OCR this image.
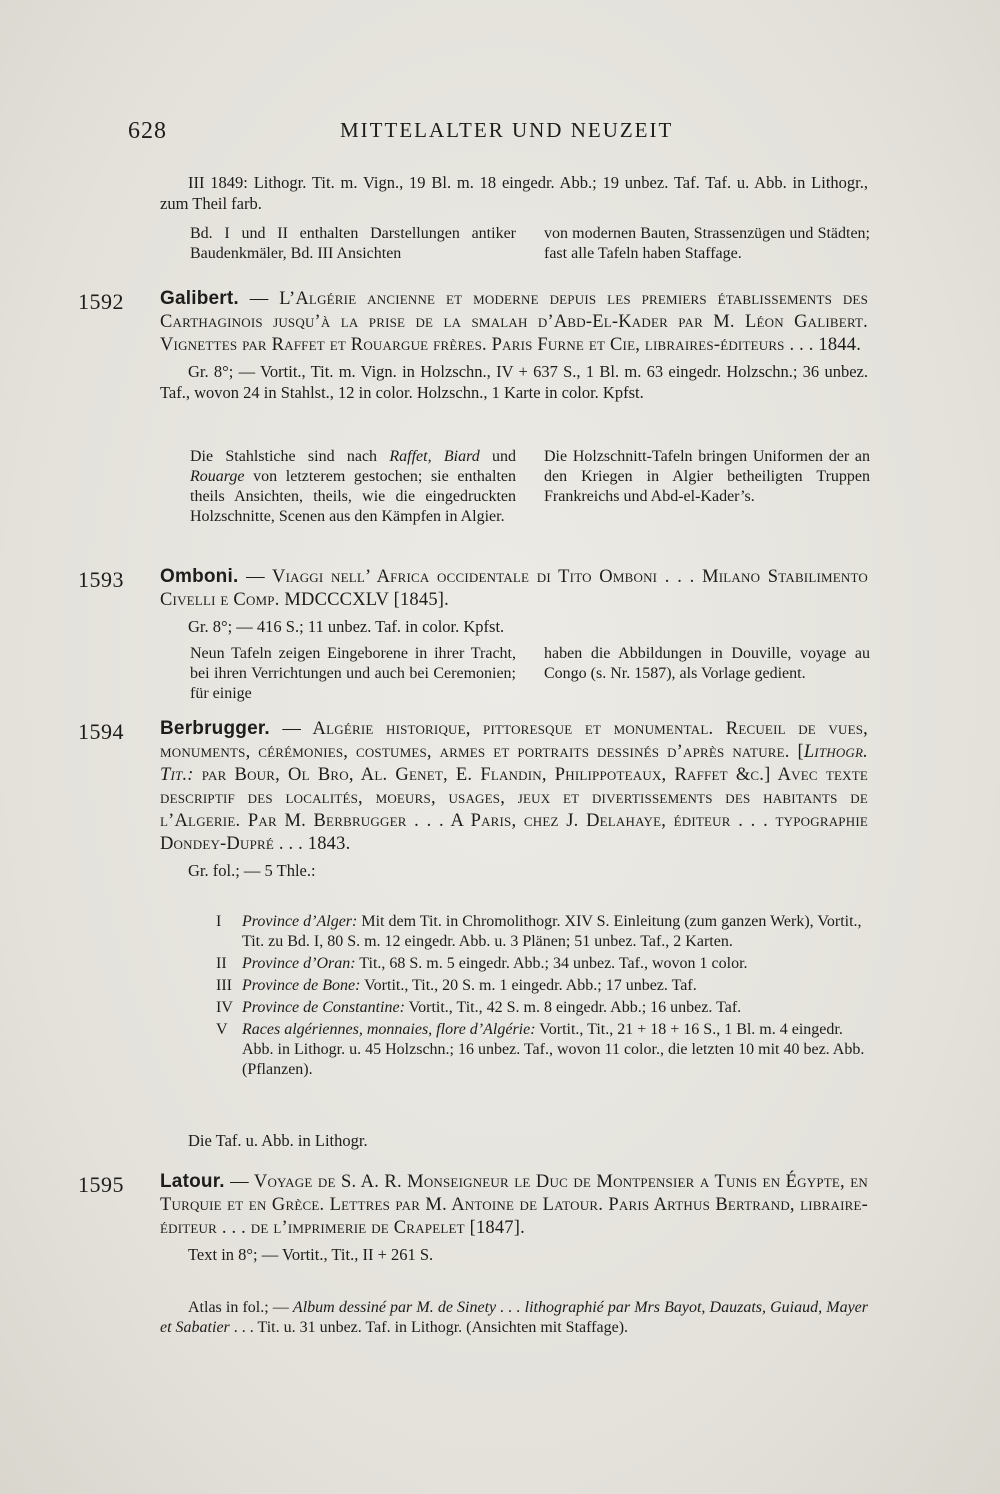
628	MITTELALTER UND NEUZEIT

III 1849: Lithogr. Tit. m. Vign., 19 Bl. m. 18 eingedr. Abb.; 19 unbez. Taf. Taf. u. Abb. in Lithogr., zum Theil farb.

Bd. I und II enthalten Darstellungen antiker Baudenkmäler, Bd. III Ansichten
von modernen Bauten, Strassenzügen und Städten; fast alle Tafeln haben Staffage.
1592 Galibert. — L’Algérie ancienne et moderne depuis les premiers établissements des Carthaginois jusqu’à la prise de la smalah d’Abd-El-Kader par M. Léon Galibert. Vignettes par Raffet et Rouargue frères. Paris Furne et Cie, libraires-éditeurs . . . 1844.
Gr. 8°; — Vortit., Tit. m. Vign. in Holzschn., IV + 637 S., 1 Bl. m. 63 eingedr. Holzschn.; 36 unbez. Taf., wovon 24 in Stahlst., 12 in color. Holzschn., 1 Karte in color. Kpfst.
Die Stahlstiche sind nach Raffet, Biard und Rouarge von letzterem gestochen; sie enthalten theils Ansichten, theils, wie die eingedruckten Holzschnitte, Scenen aus den Kämpfen in Algier.
Die Holzschnitt-Tafeln bringen Uniformen der an den Kriegen in Algier betheiligten Truppen Frankreichs und Abd-el-Kader’s.
1593 Omboni. — Viaggi nell’ Africa occidentale di Tito Omboni . . . Milano Stabilimento Civelli e Comp. MDCCCXLV [1845].
Gr. 8°; — 416 S.; 11 unbez. Taf. in color. Kpfst.
Neun Tafeln zeigen Eingeborene in ihrer Tracht, bei ihren Verrichtungen und auch bei Ceremonien; für einige
haben die Abbildungen in Douville, voyage au Congo (s. Nr. 1587), als Vorlage gedient.
1594 Berbrugger. — Algérie historique, pittoresque et monumental. Recueil de vues, monuments, cérémonies, costumes, armes et portraits dessinés d’après nature. [Lithogr. Tit.: par Bour, Ol Bro, Al. Genet, E. Flandin, Philippoteaux, Raffet &c.] Avec texte descriptif des localités, moeurs, usages, jeux et divertissements des habitants de l’Algerie. Par M. Berbrugger . . . A Paris, chez J. Delahaye, éditeur . . . typographie Dondey-Dupré . . . 1843.
Gr. fol.; — 5 Thle.:
I Province d’Alger: Mit dem Tit. in Chromolithogr. XIV S. Einleitung (zum ganzen Werk), Vortit., Tit. zu Bd. I, 80 S. m. 12 eingedr. Abb. u. 3 Plänen; 51 unbez. Taf., 2 Karten.
II Province d’Oran: Tit., 68 S. m. 5 eingedr. Abb.; 34 unbez. Taf., wovon 1 color.
III Province de Bone: Vortit., Tit., 20 S. m. 1 eingedr. Abb.; 17 unbez. Taf.
IV Province de Constantine: Vortit., Tit., 42 S. m. 8 eingedr. Abb.; 16 unbez. Taf.
V Races algériennes, monnaies, flore d’Algérie: Vortit., Tit., 21 + 18 + 16 S., 1 Bl. m. 4 eingedr. Abb. in Lithogr. u. 45 Holzschn.; 16 unbez. Taf., wovon 11 color., die letzten 10 mit 40 bez. Abb. (Pflanzen).
Die Taf. u. Abb. in Lithogr.
1595 Latour. — Voyage de S. A. R. Monseigneur le Duc de Montpensier a Tunis en Égypte, en Turquie et en Grèce. Lettres par M. Antoine de Latour. Paris Arthus Bertrand, libraire-éditeur . . . de l’imprimerie de Crapelet [1847].
Text in 8°; — Vortit., Tit., II + 261 S.
Atlas in fol.; — Album dessiné par M. de Sinety . . . lithographié par Mrs Bayot, Dauzats, Guiaud, Mayer et Sabatier . . . Tit. u. 31 unbez. Taf. in Lithogr. (Ansichten mit Staffage).
